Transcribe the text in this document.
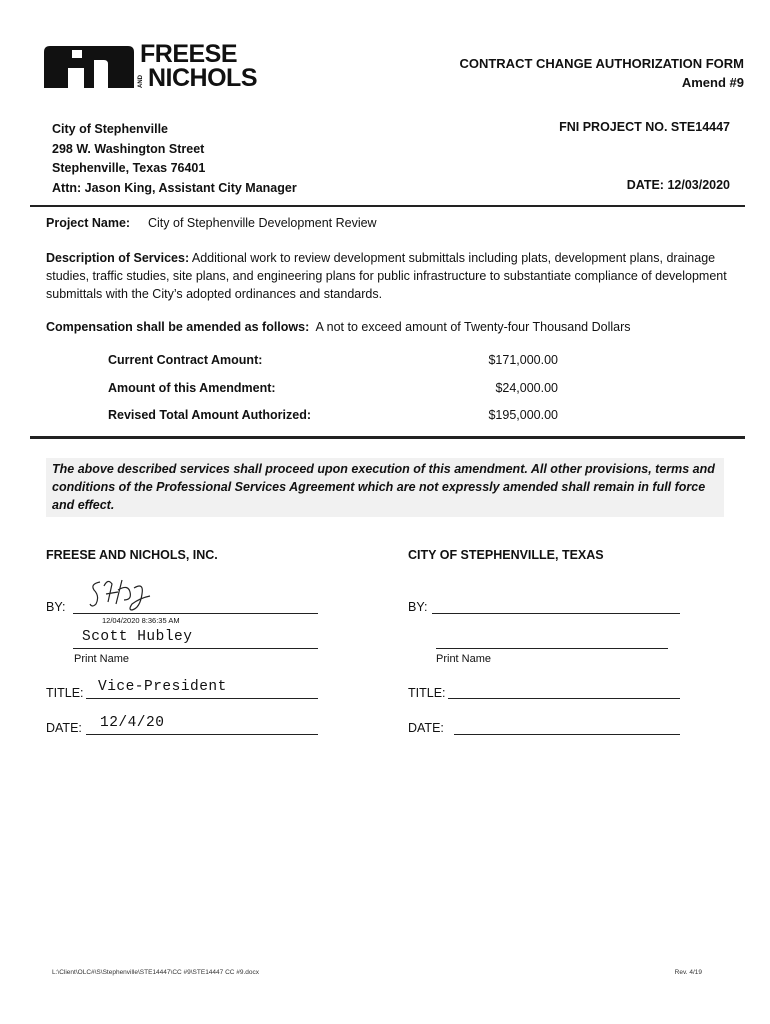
FREESE
AND NICHOLS
CONTRACT CHANGE AUTHORIZATION FORM
Amend #9
City of Stephenville
298 W. Washington Street
Stephenville, Texas 76401
Attn: Jason King, Assistant City Manager
FNI PROJECT NO. STE14447
DATE: 12/03/2020
Project Name: City of Stephenville Development Review
Description of Services: Additional work to review development submittals including plats, development plans, drainage studies, traffic studies, site plans, and engineering plans for public infrastructure to substantiate compliance of development submittals with the City’s adopted ordinances and standards.
Compensation shall be amended as follows:  A not to exceed amount of Twenty-four Thousand Dollars
Current Contract Amount:	$171,000.00
Amount of this Amendment:	$24,000.00
Revised Total Amount Authorized:	$195,000.00
The above described services shall proceed upon execution of this amendment. All other provisions, terms and conditions of the Professional Services Agreement which are not expressly amended shall remain in full force and effect.
FREESE AND NICHOLS, INC.
BY:
12/04/2020 8:36:35 AM
Scott Hubley
Print Name
TITLE: Vice-President
DATE: 12/4/20
CITY OF STEPHENVILLE, TEXAS
BY:
Print Name
TITLE:
DATE:
L:\Client\OLC#\S\Stephenville\STE14447\CC #9\STE14447 CC #9.docx	Rev. 4/19
